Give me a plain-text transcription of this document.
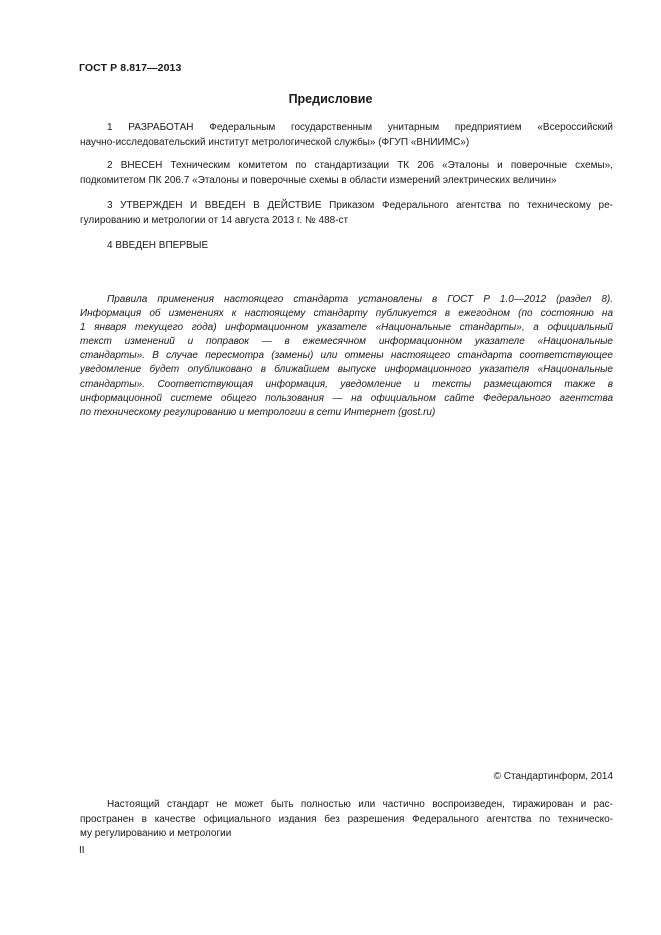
ГОСТ Р 8.817—2013
Предисловие

1 РАЗРАБОТАН Федеральным государственным унитарным предприятием «Всероссийский
научно-исследовательский институт метрологической службы» (ФГУП «ВНИИМС»)

2 ВНЕСЕН Техническим комитетом по стандартизации ТК 206 «Эталоны и поверочные схемы»,
подкомитетом ПК 206.7 «Эталоны и поверочные схемы в области измерений электрических величин»

3 УТВЕРЖДЕН И ВВЕДЕН В ДЕЙСТВИЕ Приказом Федерального агентства по техническому ре-
гулированию и метрологии от 14 августа 2013 г. № 488-ст

4 ВВЕДЕН ВПЕРВЫЕ

Правила применения настоящего стандарта установлены в ГОСТ Р 1.0—2012 (раздел 8).
Информация об изменениях к настоящему стандарту публикуется в ежегодном (по состоянию на
1 января текущего года) информационном указателе «Национальные стандарты», а официальный
текст изменений и поправок — в ежемесячном информационном указателе «Национальные
стандарты». В случае пересмотра (замены) или отмены настоящего стандарта соответствующее
уведомление будет опубликовано в ближайшем выпуске информационного указателя «Национальные
стандарты». Соответствующая информация, уведомление и тексты размещаются также в
информационной системе общего пользования — на официальном сайте Федерального агентства
по техническому регулированию и метрологии в сети Интернет (gost.ru)

© Стандартинформ, 2014

Настоящий стандарт не может быть полностью или частично воспроизведен, тиражирован и рас-
пространен в качестве официального издания без разрешения Федерального агентства по техническо-
му регулированию и метрологии

II
